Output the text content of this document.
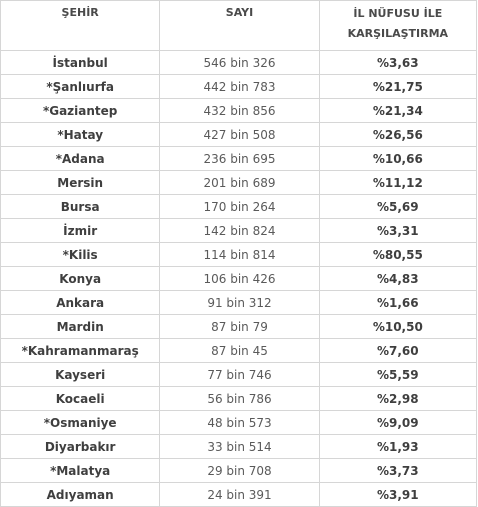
ŞEHİR	SAYI	İL NÜFUSU İLE
KARŞILAŞTIRMA
İstanbul	546 bin 326	%3,63
*Şanlıurfa	442 bin 783	%21,75
*Gaziantep	432 bin 856	%21,34
*Hatay	427 bin 508	%26,56
*Adana	236 bin 695	%10,66
Mersin	201 bin 689	%11,12
Bursa	170 bin 264	%5,69
İzmir	142 bin 824	%3,31
*Kilis	114 bin 814	%80,55
Konya	106 bin 426	%4,83
Ankara	91 bin 312	%1,66
Mardin	87 bin 79	%10,50
*Kahramanmaraş	87 bin 45	%7,60
Kayseri	77 bin 746	%5,59
Kocaeli	56 bin 786	%2,98
*Osmaniye	48 bin 573	%9,09
Diyarbakır	33 bin 514	%1,93
*Malatya	29 bin 708	%3,73
Adıyaman	24 bin 391	%3,91
